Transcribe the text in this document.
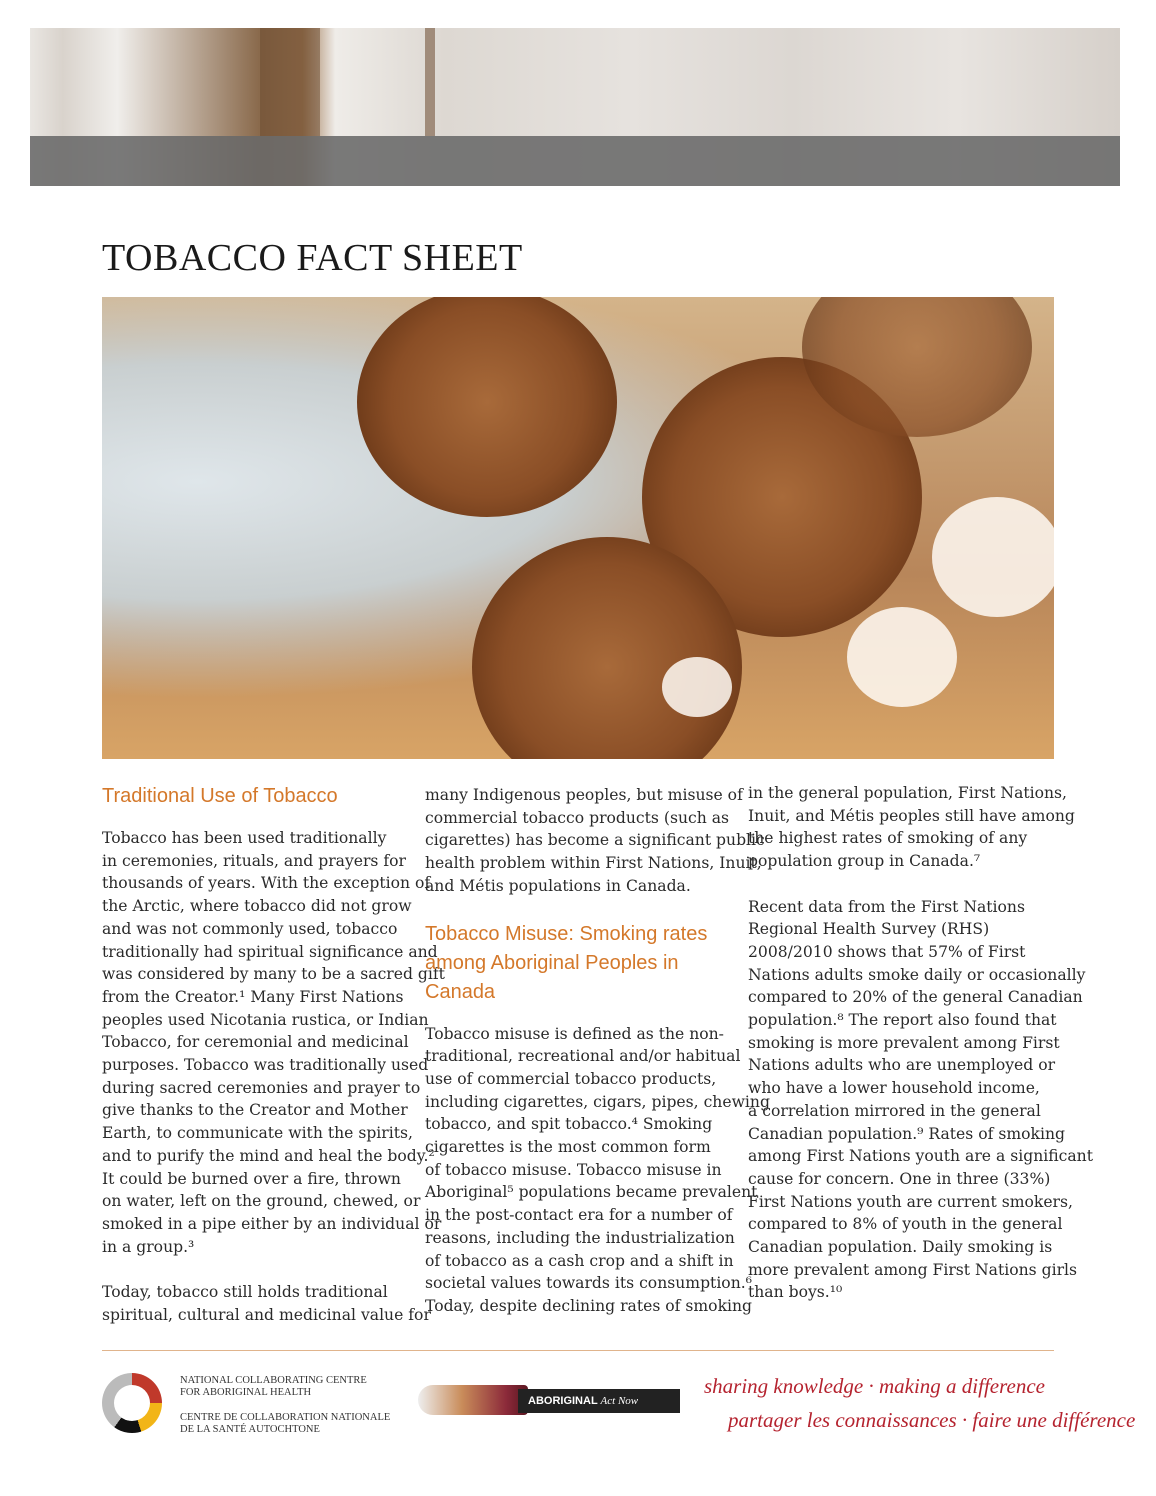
TOBACCO FACT SHEET
Traditional Use of Tobacco
Tobacco has been used traditionally
in ceremonies, rituals, and prayers for
thousands of years. With the exception of
the Arctic, where tobacco did not grow
and was not commonly used, tobacco
traditionally had spiritual significance and
was considered by many to be a sacred gift
from the Creator.¹ Many First Nations
peoples used Nicotania rustica, or Indian
Tobacco, for ceremonial and medicinal
purposes. Tobacco was traditionally used
during sacred ceremonies and prayer to
give thanks to the Creator and Mother
Earth, to communicate with the spirits,
and to purify the mind and heal the body.²
It could be burned over a fire, thrown
on water, left on the ground, chewed, or
smoked in a pipe either by an individual or
in a group.³
Today, tobacco still holds traditional
spiritual, cultural and medicinal value for
many Indigenous peoples, but misuse of
commercial tobacco products (such as
cigarettes) has become a significant public
health problem within First Nations, Inuit,
and Métis populations in Canada.
Tobacco Misuse: Smoking rates
among Aboriginal Peoples in
Canada
Tobacco misuse is defined as the non-
traditional, recreational and/or habitual
use of commercial tobacco products,
including cigarettes, cigars, pipes, chewing
tobacco, and spit tobacco.⁴ Smoking
cigarettes is the most common form
of tobacco misuse. Tobacco misuse in
Aboriginal⁵ populations became prevalent
in the post-contact era for a number of
reasons, including the industrialization
of tobacco as a cash crop and a shift in
societal values towards its consumption.⁶
Today, despite declining rates of smoking
in the general population, First Nations,
Inuit, and Métis peoples still have among
the highest rates of smoking of any
population group in Canada.⁷
Recent data from the First Nations
Regional Health Survey (RHS)
2008/2010 shows that 57% of First
Nations adults smoke daily or occasionally
compared to 20% of the general Canadian
population.⁸ The report also found that
smoking is more prevalent among First
Nations adults who are unemployed or
who have a lower household income,
a correlation mirrored in the general
Canadian population.⁹ Rates of smoking
among First Nations youth are a significant
cause for concern. One in three (33%)
First Nations youth are current smokers,
compared to 8% of youth in the general
Canadian population. Daily smoking is
more prevalent among First Nations girls
than boys.¹⁰
NATIONAL COLLABORATING CENTRE
FOR ABORIGINAL HEALTH
CENTRE DE COLLABORATION NATIONALE
DE LA SANTÉ AUTOCHTONE
ABORIGINAL Act Now
sharing knowledge · making a difference
partager les connaissances · faire une différence
